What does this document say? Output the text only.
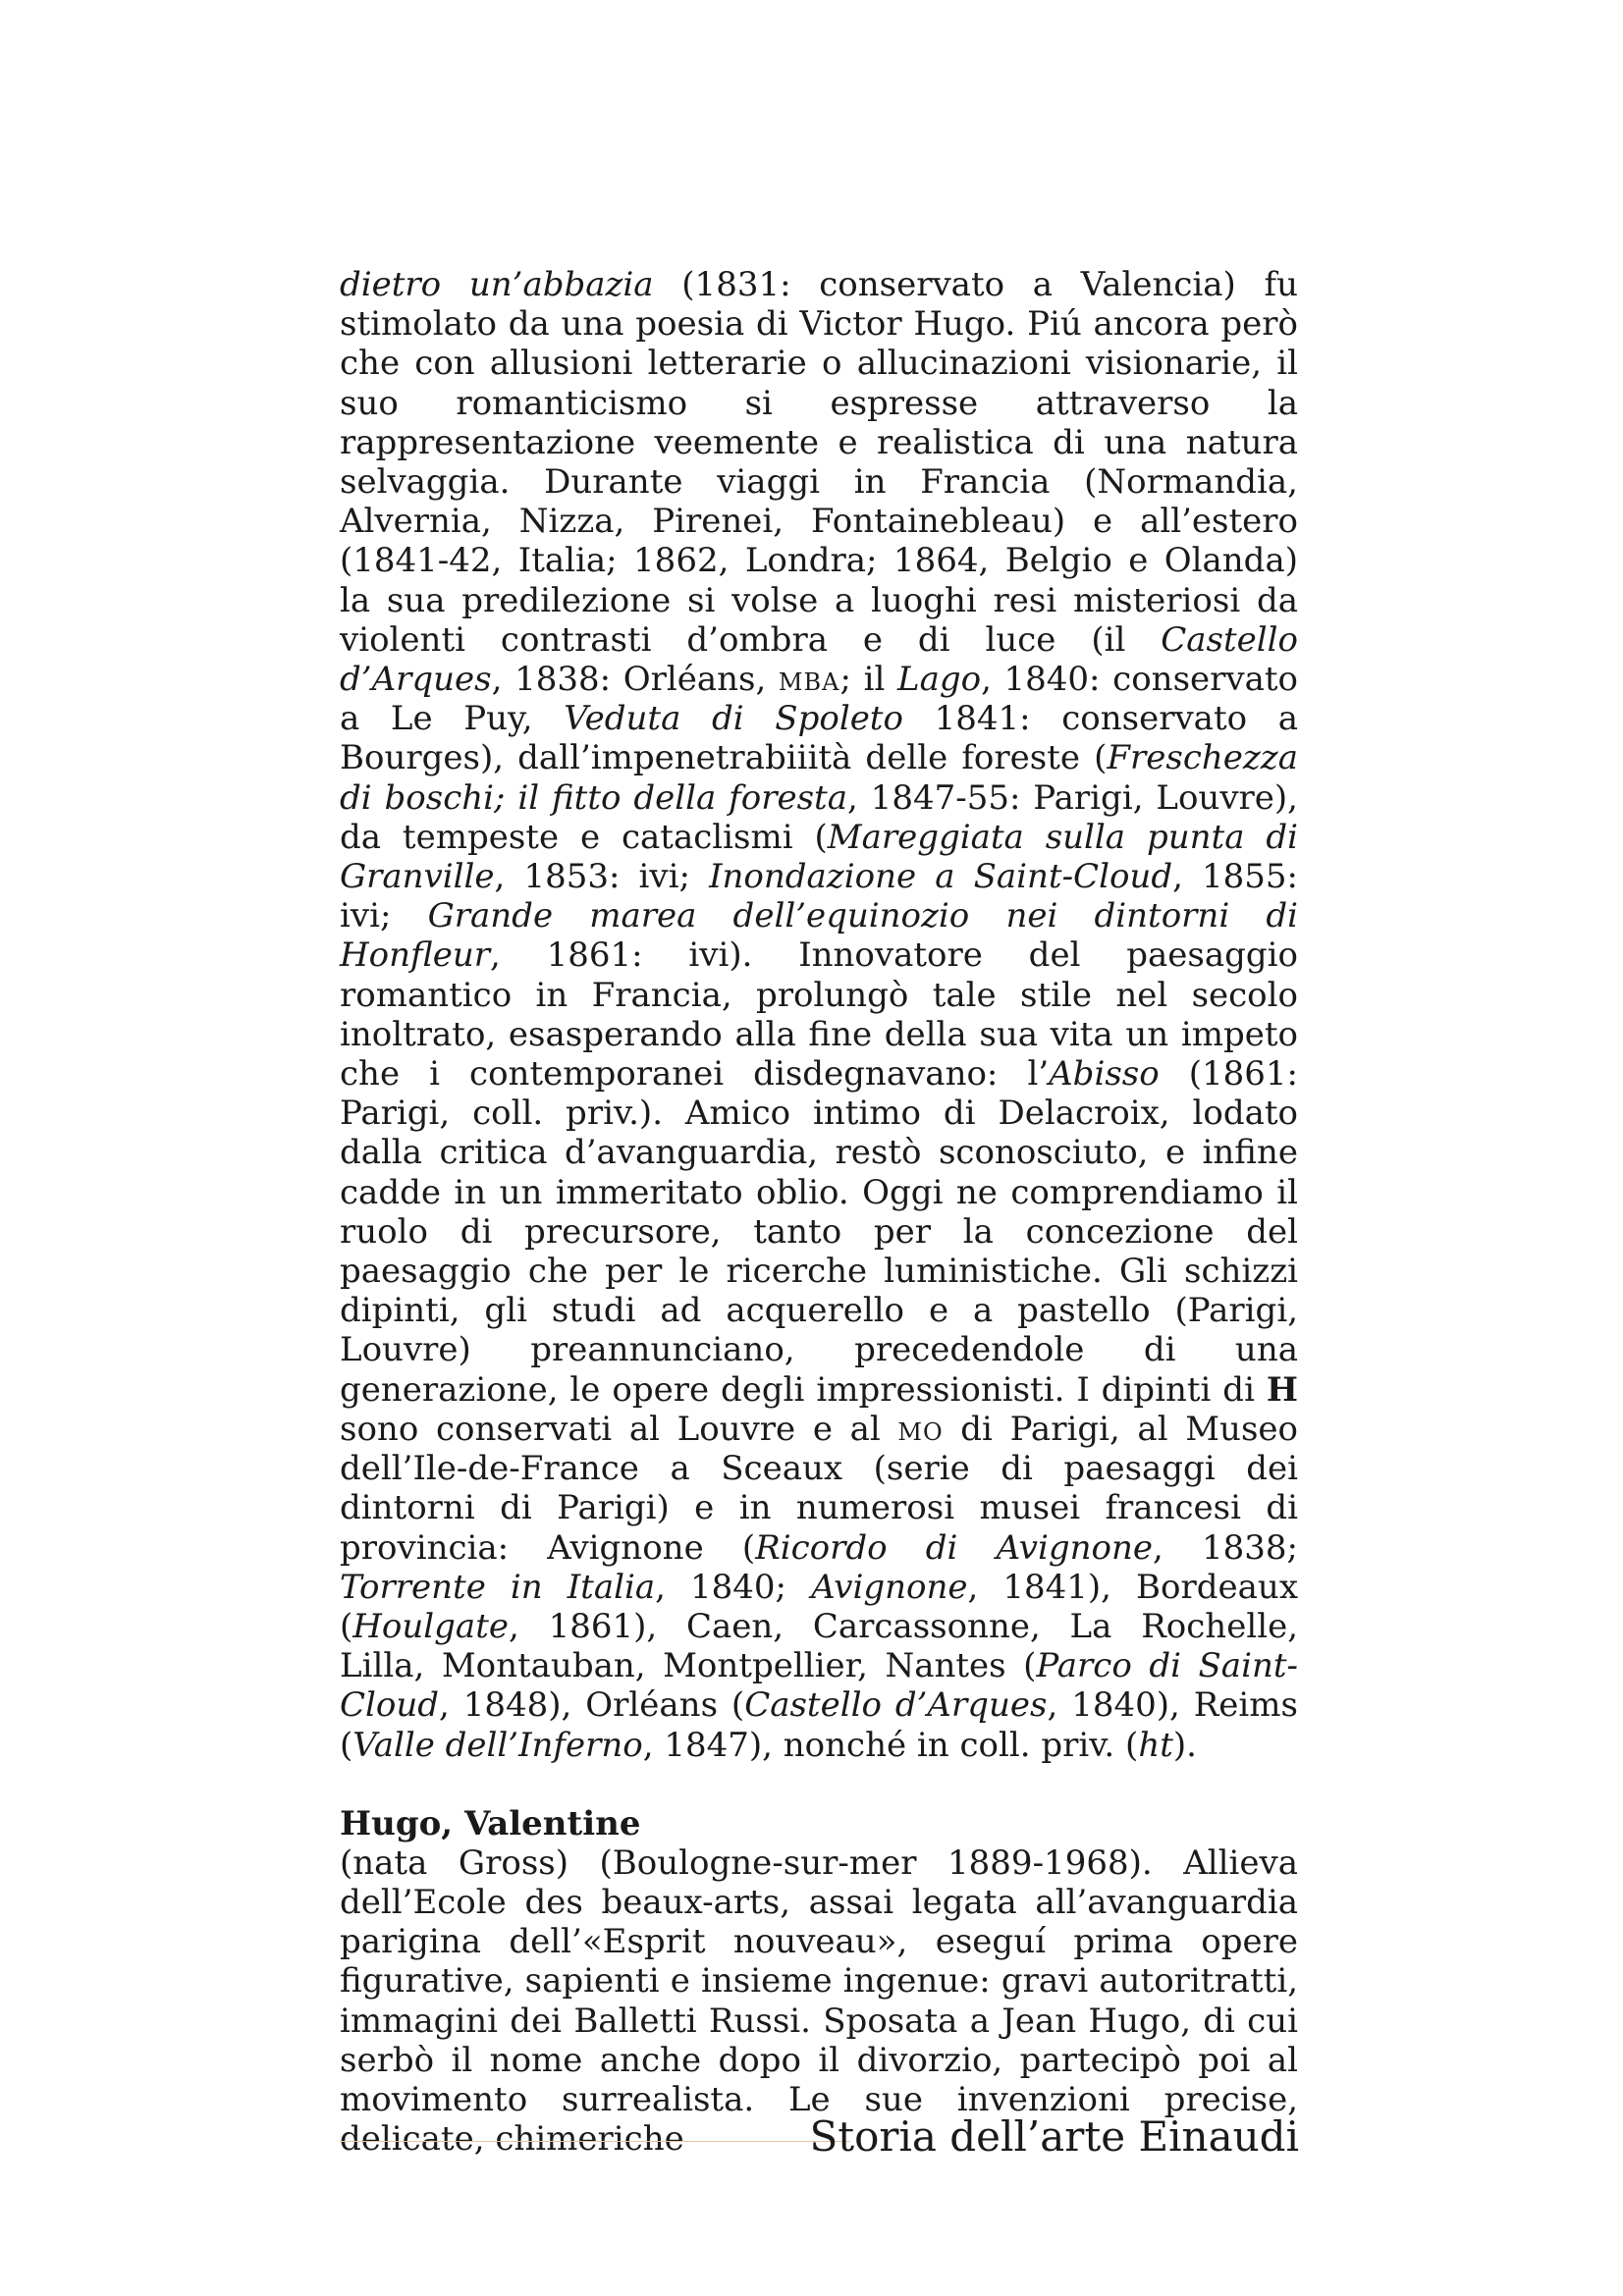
dietro un’abbazia (1831: conservato a Valencia) fu stimolato da una poesia di Victor Hugo. Piú ancora però che con allusioni letterarie o allucinazioni visionarie, il suo romanticismo si espresse attraverso la rappresentazione veemente e realistica di una natura selvaggia. Durante viaggi in Francia (Normandia, Alvernia, Nizza, Pirenei, Fontainebleau) e all’estero (1841-42, Italia; 1862, Londra; 1864, Belgio e Olanda) la sua predilezione si volse a luoghi resi misteriosi da violenti contrasti d’ombra e di luce (il Castello d’Arques, 1838: Orléans, mba; il Lago, 1840: conservato a Le Puy, Veduta di Spoleto 1841: conservato a Bourges), dall’impenetrabiiità delle foreste (Freschezza di boschi; il fitto della foresta, 1847-55: Parigi, Louvre), da tempeste e cataclismi (Mareggiata sulla punta di Granville, 1853: ivi; Inondazione a Saint-Cloud, 1855: ivi; Grande marea dell’equinozio nei dintorni di Honfleur, 1861: ivi). Innovatore del paesaggio romantico in Francia, prolungò tale stile nel secolo inoltrato, esasperando alla fine della sua vita un impeto che i contemporanei disdegnavano: l’Abisso (1861: Parigi, coll. priv.). Amico intimo di Delacroix, lodato dalla critica d’avanguardia, restò sconosciuto, e infine cadde in un immeritato oblio. Oggi ne comprendiamo il ruolo di precursore, tanto per la concezione del paesaggio che per le ricerche luministiche. Gli schizzi dipinti, gli studi ad acquerello e a pastello (Parigi, Louvre) preannunciano, precedendole di una generazione, le opere degli impressionisti. I dipinti di H sono conservati al Louvre e al mo di Parigi, al Museo dell’Ile-de-France a Sceaux (serie di paesaggi dei dintorni di Parigi) e in numerosi musei francesi di provincia: Avignone (Ricordo di Avignone, 1838; Torrente in Italia, 1840; Avignone, 1841), Bordeaux (Houlgate, 1861), Caen, Carcassonne, La Rochelle, Lilla, Montauban, Montpellier, Nantes (Parco di Saint-Cloud, 1848), Orléans (Castello d’Arques, 1840), Reims (Valle dell’Inferno, 1847), nonché in coll. priv. (ht).

Hugo, Valentine

(nata Gross) (Boulogne-sur-mer 1889-1968). Allieva dell’Ecole des beaux-arts, assai legata all’avanguardia parigina dell’«Esprit nouveau», eseguí prima opere figurative, sapienti e insieme ingenue: gravi autoritratti, immagini dei Balletti Russi. Sposata a Jean Hugo, di cui serbò il nome anche dopo il divorzio, partecipò poi al movimento surrealista. Le sue invenzioni precise, delicate, chimeriche	Storia dell’arte Einaudi
